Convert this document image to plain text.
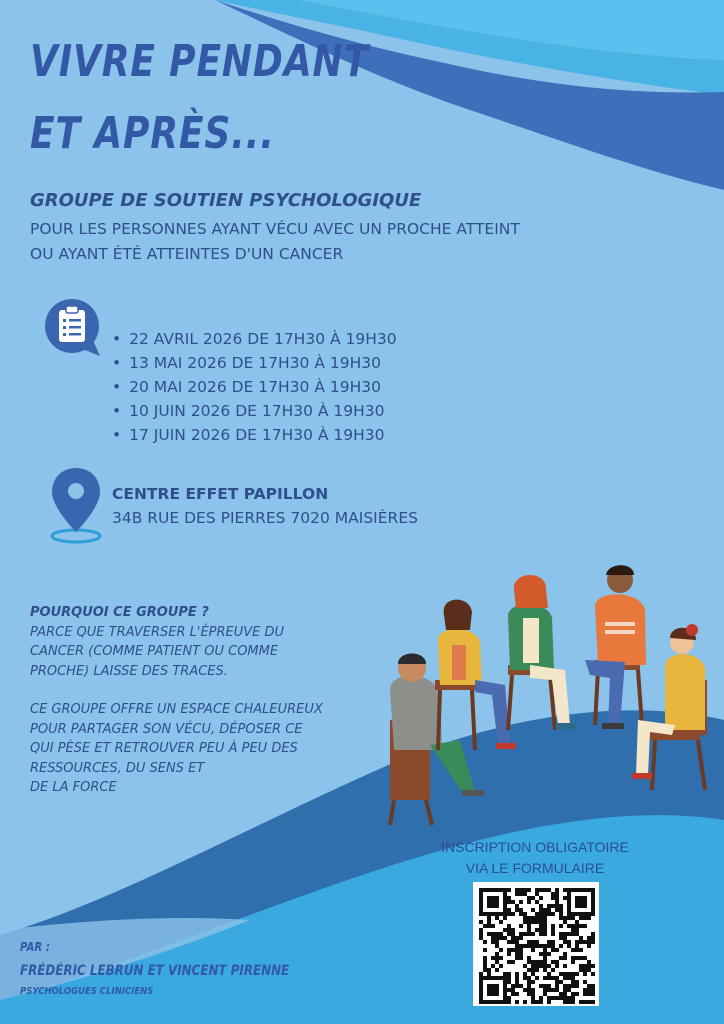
VIVRE PENDANT
ET APRÈS...
GROUPE DE SOUTIEN PSYCHOLOGIQUE
POUR LES PERSONNES AYANT VÉCU AVEC UN PROCHE ATTEINT
OU AYANT ÉTÉ ATTEINTES D'UN CANCER
• 22 AVRIL 2026 DE 17H30 À 19H30
• 13 MAI 2026 DE 17H30 À 19H30
• 20 MAI 2026 DE 17H30 À 19H30
• 10 JUIN 2026 DE 17H30 À 19H30
• 17 JUIN 2026 DE 17H30 À 19H30
CENTRE EFFET PAPILLON
34B RUE DES PIERRES 7020 MAISIÈRES
POURQUOI CE GROUPE ?

PARCE QUE TRAVERSER L'ÉPREUVE DU
CANCER (COMME PATIENT OU COMME
PROCHE) LAISSE DES TRACES.

CE GROUPE OFFRE UN ESPACE CHALEUREUX
POUR PARTAGER SON VÉCU, DÉPOSER CE
QUI PÈSE ET RETROUVER PEU À PEU DES
RESSOURCES, DU SENS ET
DE LA FORCE

INSCRIPTION OBLIGATOIRE
VIA LE FORMULAIRE
PAR :
FRÉDÉRIC LEBRUN ET VINCENT PIRENNE
PSYCHOLOGUES CLINICIENS
